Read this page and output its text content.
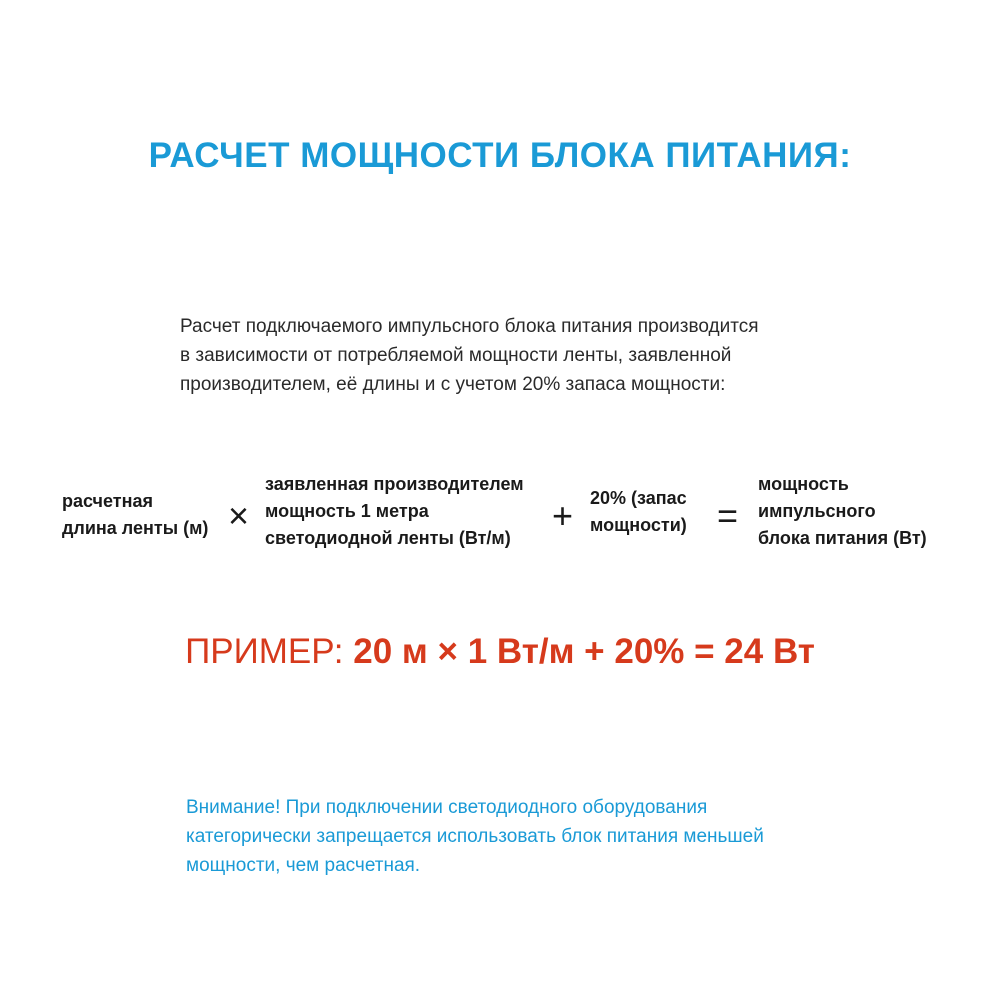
РАСЧЕТ МОЩНОСТИ БЛОКА ПИТАНИЯ:

Расчет подключаемого импульсного блока питания производится
в зависимости от потребляемой мощности ленты, заявленной
производителем, её длины и с учетом 20% запаса мощности:

расчетная
длина ленты (м) ×
заявленная производителем
мощность 1 метра
светодиодной ленты (Вт/м)
+ 20% (запас
мощности) =
мощность
импульсного
блока питания (Вт)
ПРИМЕР: 20 м × 1 Вт/м + 20% = 24 Вт

Внимание! При подключении светодиодного оборудования
категорически запрещается использовать блок питания меньшей
мощности, чем расчетная.
